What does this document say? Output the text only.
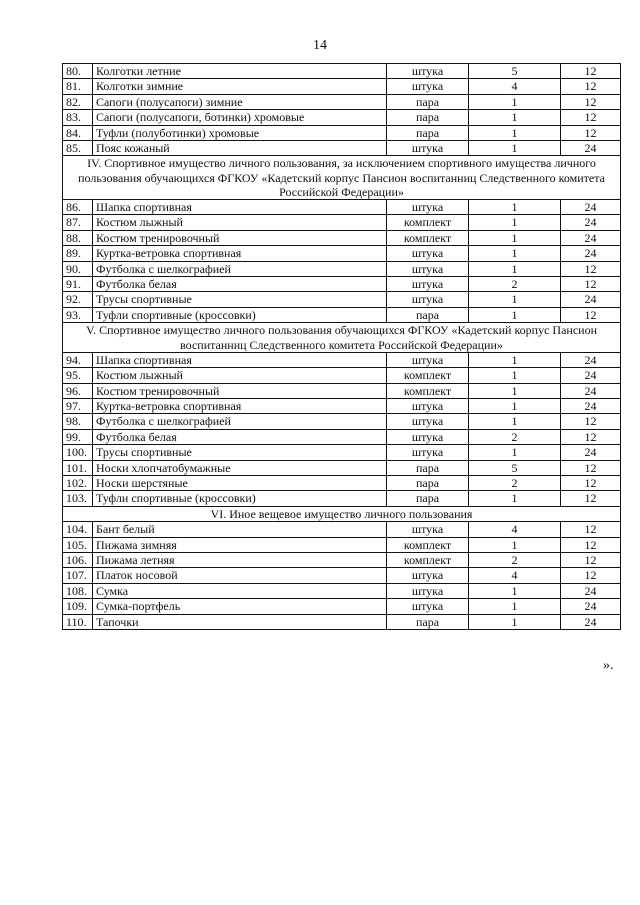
14
80.	Колготки летние	штука	5	12
81.	Колготки зимние	штука	4	12
82.	Сапоги (полусапоги) зимние	пара	1	12
83.	Сапоги (полусапоги, ботинки) хромовые	пара	1	12
84.	Туфли (полуботинки) хромовые	пара	1	12
85.	Пояс кожаный	штука	1	24
IV. Спортивное имущество личного пользования, за исключением спортивного имущества личного пользования обучающихся ФГКОУ «Кадетский корпус Пансион воспитанниц Следственного комитета Российской Федерации»				
86.	Шапка спортивная	штука	1	24
87.	Костюм лыжный	комплект	1	24
88.	Костюм тренировочный	комплект	1	24
89.	Куртка-ветровка спортивная	штука	1	24
90.	Футболка с шелкографией	штука	1	12
91.	Футболка белая	штука	2	12
92.	Трусы спортивные	штука	1	24
93.	Туфли спортивные (кроссовки)	пара	1	12
V. Спортивное имущество личного пользования обучающихся ФГКОУ «Кадетский корпус Пансион воспитанниц Следственного комитета Российской Федерации»				
94.	Шапка спортивная	штука	1	24
95.	Костюм лыжный	комплект	1	24
96.	Костюм тренировочный	комплект	1	24
97.	Куртка-ветровка спортивная	штука	1	24
98.	Футболка с шелкографией	штука	1	12
99.	Футболка белая	штука	2	12
100.	Трусы спортивные	штука	1	24
101.	Носки хлопчатобумажные	пара	5	12
102.	Носки шерстяные	пара	2	12
103.	Туфли спортивные (кроссовки)	пара	1	12
VI. Иное вещевое имущество личного пользования				
104.	Бант белый	штука	4	12
105.	Пижама зимняя	комплект	1	12
106.	Пижама летняя	комплект	2	12
107.	Платок носовой	штука	4	12
108.	Сумка	штука	1	24
109.	Сумка-портфель	штука	1	24
110.	Тапочки	пара	1	24
».
